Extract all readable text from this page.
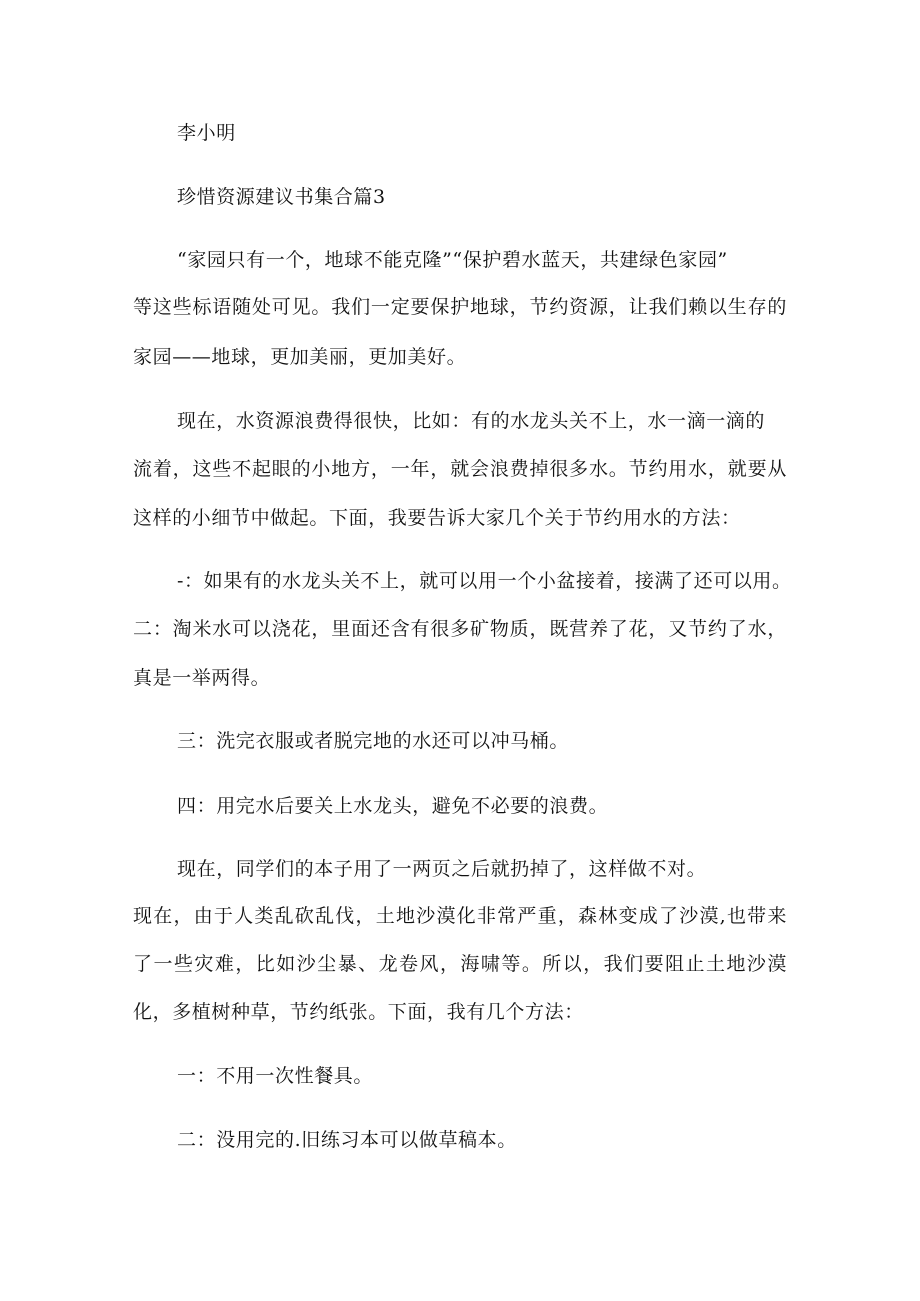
李小明
珍惜资源建议书集合篇3
“家园只有一个，地球不能克隆”“保护碧水蓝天，共建绿色家园”
等这些标语随处可见。我们一定要保护地球，节约资源，让我们赖以生存的
家园——地球，更加美丽，更加美好。
现在，水资源浪费得很快，比如：有的水龙头关不上，水一滴一滴的
流着，这些不起眼的小地方，一年，就会浪费掉很多水。节约用水，就要从
这样的小细节中做起。下面，我要告诉大家几个关于节约用水的方法：
-：如果有的水龙头关不上，就可以用一个小盆接着，接满了还可以用。
二：淘米水可以浇花，里面还含有很多矿物质，既营养了花，又节约了水，
真是一举两得。
三：洗完衣服或者脱完地的水还可以冲马桶。
四：用完水后要关上水龙头，避免不必要的浪费。
现在，同学们的本子用了一两页之后就扔掉了，这样做不对。
现在，由于人类乱砍乱伐，土地沙漠化非常严重，森林变成了沙漠,也带来
了一些灾难，比如沙尘暴、龙卷风，海啸等。所以，我们要阻止土地沙漠
化，多植树种草，节约纸张。下面，我有几个方法：
一：不用一次性餐具。
二：没用完的.旧练习本可以做草稿本。
